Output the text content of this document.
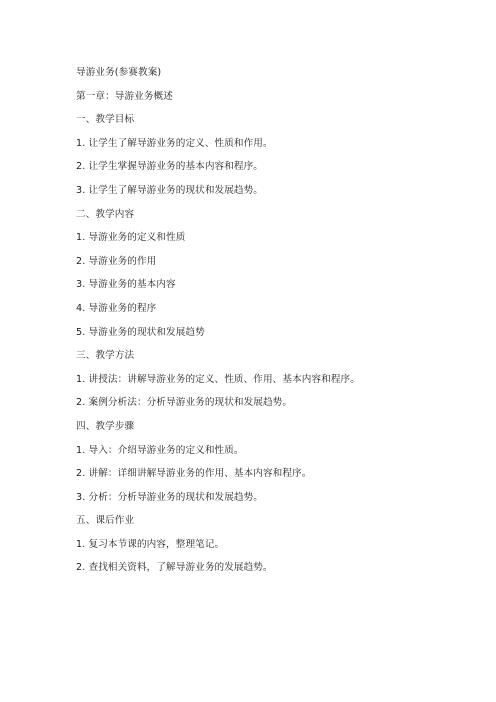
导游业务(参赛教案)
第一章：导游业务概述
一、教学目标
1. 让学生了解导游业务的定义、性质和作用。
2. 让学生掌握导游业务的基本内容和程序。
3. 让学生了解导游业务的现状和发展趋势。
二、教学内容
1. 导游业务的定义和性质
2. 导游业务的作用
3. 导游业务的基本内容
4. 导游业务的程序
5. 导游业务的现状和发展趋势
三、教学方法
1. 讲授法：讲解导游业务的定义、性质、作用、基本内容和程序。
2. 案例分析法：分析导游业务的现状和发展趋势。
四、教学步骤
1. 导入：介绍导游业务的定义和性质。
2. 讲解：详细讲解导游业务的作用、基本内容和程序。
3. 分析：分析导游业务的现状和发展趋势。
五、课后作业
1. 复习本节课的内容，整理笔记。
2. 查找相关资料，了解导游业务的发展趋势。
